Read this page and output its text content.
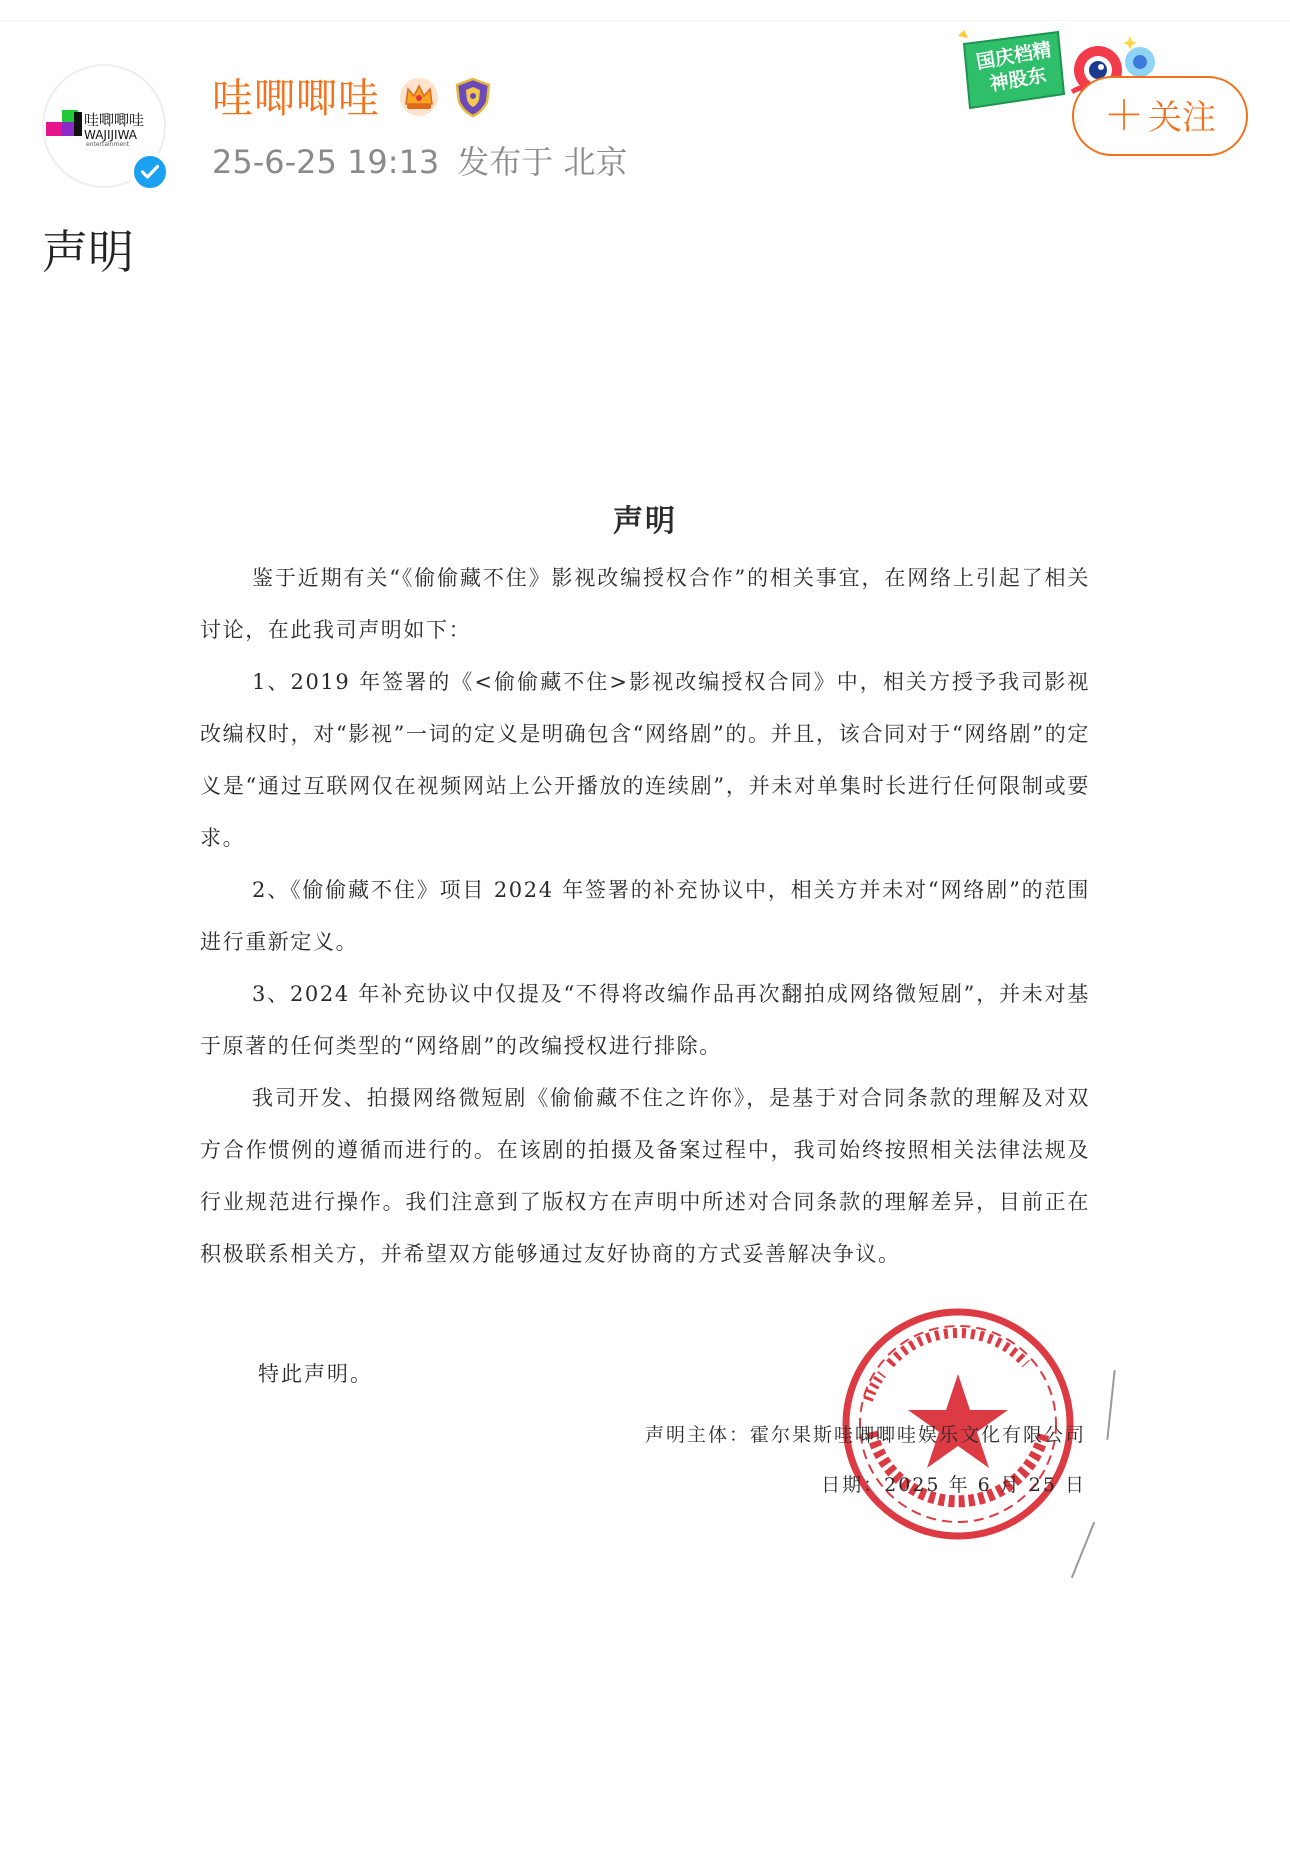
哇唧唧哇
WAJIJIWA
entertainment
哇唧唧哇
25-6-25 19:13 发布于 北京
国庆档精神股东
＋ 关注
声明
声明

鉴于近期有关“《偷偷藏不住》影视改编授权合作”的相关事宜，在网络上引起了相关讨论，在此我司声明如下：

1、2019 年签署的《<偷偷藏不住>影视改编授权合同》中，相关方授予我司影视改编权时，对“影视”一词的定义是明确包含“网络剧”的。并且，该合同对于“网络剧”的定义是“通过互联网仅在视频网站上公开播放的连续剧”，并未对单集时长进行任何限制或要求。

2、《偷偷藏不住》项目 2024 年签署的补充协议中，相关方并未对“网络剧”的范围进行重新定义。

3、2024 年补充协议中仅提及“不得将改编作品再次翻拍成网络微短剧”，并未对基于原著的任何类型的“网络剧”的改编授权进行排除。

我司开发、拍摄网络微短剧《偷偷藏不住之许你》，是基于对合同条款的理解及对双方合作惯例的遵循而进行的。在该剧的拍摄及备案过程中，我司始终按照相关法律法规及行业规范进行操作。我们注意到了版权方在声明中所述对合同条款的理解差异，目前正在积极联系相关方，并希望双方能够通过友好协商的方式妥善解决争议。

特此声明。
声明主体：霍尔果斯哇唧唧哇娱乐文化有限公司
日期：2025 年 6 月 25 日
